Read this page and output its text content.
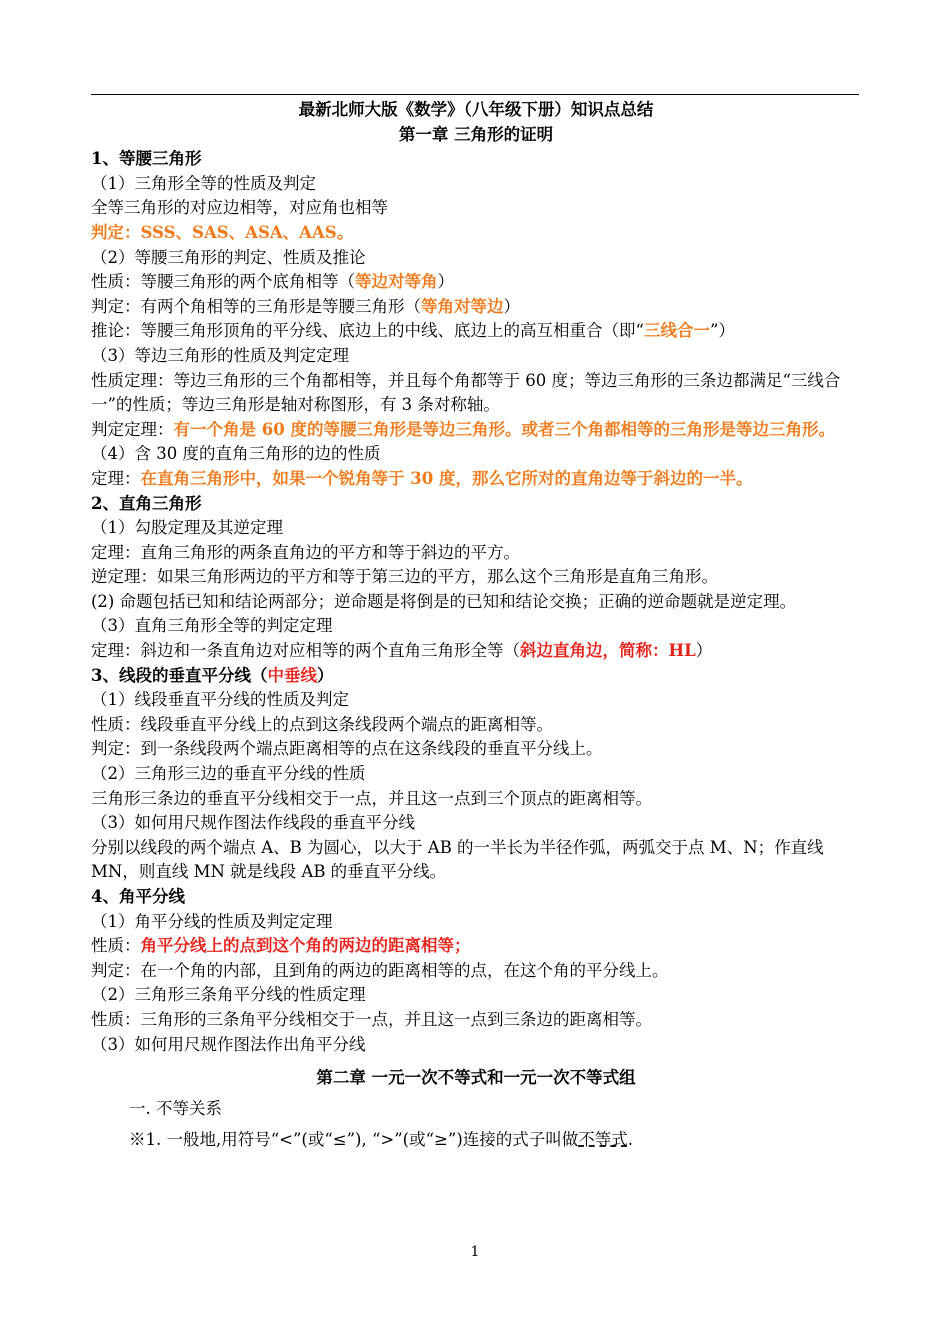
最新北师大版《数学》（八年级下册）知识点总结
第一章 三角形的证明
1、等腰三角形
（1）三角形全等的性质及判定
全等三角形的对应边相等，对应角也相等
判定：SSS、SAS、ASA、AAS。
（2）等腰三角形的判定、性质及推论
性质：等腰三角形的两个底角相等（等边对等角）
判定：有两个角相等的三角形是等腰三角形（等角对等边）
推论：等腰三角形顶角的平分线、底边上的中线、底边上的高互相重合（即“三线合一”）
（3）等边三角形的性质及判定定理
性质定理：等边三角形的三个角都相等，并且每个角都等于 60 度；等边三角形的三条边都满足“三线合一”的性质；等边三角形是轴对称图形，有 3 条对称轴。
判定定理：有一个角是 60 度的等腰三角形是等边三角形。或者三个角都相等的三角形是等边三角形。
（4）含 30 度的直角三角形的边的性质
定理：在直角三角形中，如果一个锐角等于 30 度，那么它所对的直角边等于斜边的一半。
2、直角三角形
（1）勾股定理及其逆定理
定理：直角三角形的两条直角边的平方和等于斜边的平方。
逆定理：如果三角形两边的平方和等于第三边的平方，那么这个三角形是直角三角形。
(2) 命题包括已知和结论两部分；逆命题是将倒是的已知和结论交换；正确的逆命题就是逆定理。
（3）直角三角形全等的判定定理
定理：斜边和一条直角边对应相等的两个直角三角形全等（斜边直角边，简称：HL）
3、线段的垂直平分线（中垂线）
（1）线段垂直平分线的性质及判定
性质：线段垂直平分线上的点到这条线段两个端点的距离相等。
判定：到一条线段两个端点距离相等的点在这条线段的垂直平分线上。
（2）三角形三边的垂直平分线的性质
三角形三条边的垂直平分线相交于一点，并且这一点到三个顶点的距离相等。
（3）如何用尺规作图法作线段的垂直平分线
分别以线段的两个端点 A、B 为圆心，以大于 AB 的一半长为半径作弧，两弧交于点 M、N；作直线 MN，则直线 MN 就是线段 AB 的垂直平分线。
4、角平分线
（1）角平分线的性质及判定定理
性质：角平分线上的点到这个角的两边的距离相等；
判定：在一个角的内部，且到角的两边的距离相等的点，在这个角的平分线上。
（2）三角形三条角平分线的性质定理
性质：三角形的三条角平分线相交于一点，并且这一点到三条边的距离相等。
（3）如何用尺规作图法作出角平分线
第二章 一元一次不等式和一元一次不等式组
一. 不等关系
※1. 一般地,用符号“<”(或“≤”), “>”(或“≥”)连接的式子叫做不等式.
1
